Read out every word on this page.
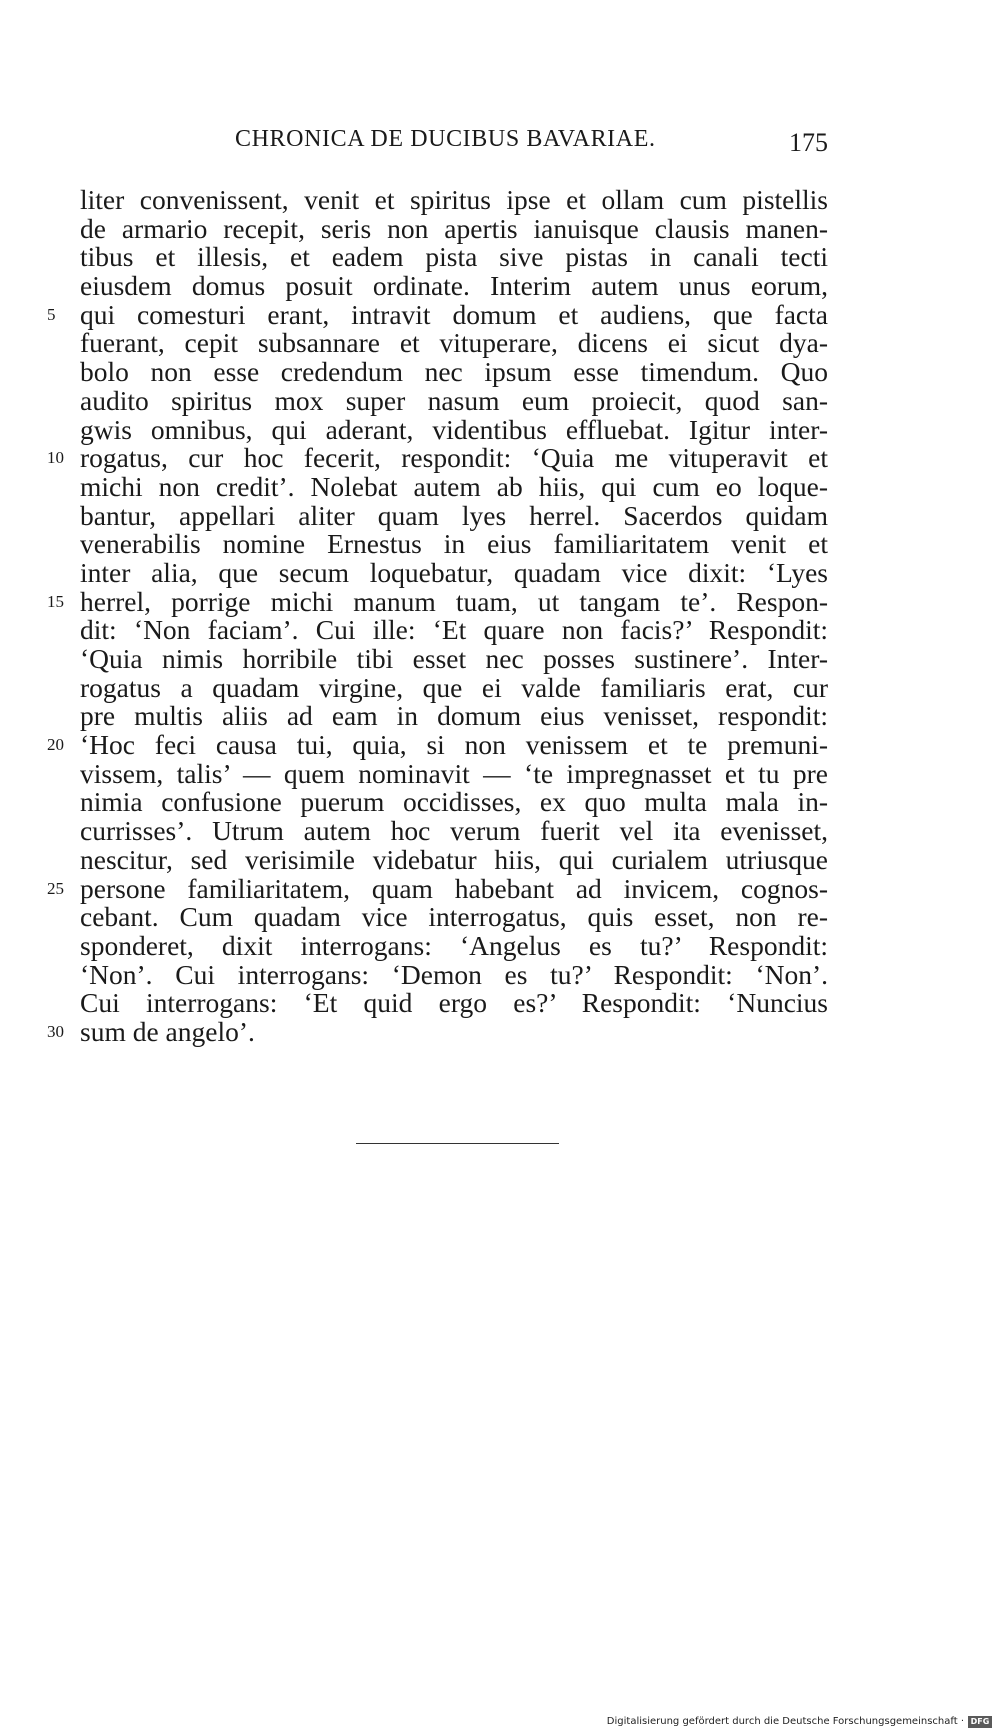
CHRONICA DE DUCIBUS BAVARIAE.	175
liter convenissent, venit et spiritus ipse et ollam cum pistellis
de armario recepit, seris non apertis ianuisque clausis manen-
tibus et illesis, et eadem pista sive pistas in canali tecti
eiusdem domus posuit ordinate. Interim autem unus eorum,
5 qui comesturi erant, intravit domum et audiens, que facta
fuerant, cepit subsannare et vituperare, dicens ei sicut dya-
bolo non esse credendum nec ipsum esse timendum. Quo
audito spiritus mox super nasum eum proiecit, quod san-
gwis omnibus, qui aderant, videntibus effluebat. Igitur inter-
10 rogatus, cur hoc fecerit, respondit: ‘Quia me vituperavit et
michi non credit’. Nolebat autem ab hiis, qui cum eo loque-
bantur, appellari aliter quam lyes herrel. Sacerdos quidam
venerabilis nomine Ernestus in eius familiaritatem venit et
inter alia, que secum loquebatur, quadam vice dixit: ‘Lyes
15 herrel, porrige michi manum tuam, ut tangam te’. Respon-
dit: ‘Non faciam’. Cui ille: ‘Et quare non facis?’ Respondit:
‘Quia nimis horribile tibi esset nec posses sustinere’. Inter-
rogatus a quadam virgine, que ei valde familiaris erat, cur
pre multis aliis ad eam in domum eius venisset, respondit:
20 ‘Hoc feci causa tui, quia, si non venissem et te premuni-
vissem, talis’ — quem nominavit — ‘te impregnasset et tu pre
nimia confusione puerum occidisses, ex quo multa mala in-
currisses’. Utrum autem hoc verum fuerit vel ita evenisset,
nescitur, sed verisimile videbatur hiis, qui curialem utriusque
25 persone familiaritatem, quam habebant ad invicem, cognos-
cebant. Cum quadam vice interrogatus, quis esset, non re-
sponderet, dixit interrogans: ‘Angelus es tu?’ Respondit:
‘Non’. Cui interrogans: ‘Demon es tu?’ Respondit: ‘Non’.
Cui interrogans: ‘Et quid ergo es?’ Respondit: ‘Nuncius
30 sum de angelo’.
Digitalisierung gefördert durch die Deutsche Forschungsgemeinschaft · DFG
